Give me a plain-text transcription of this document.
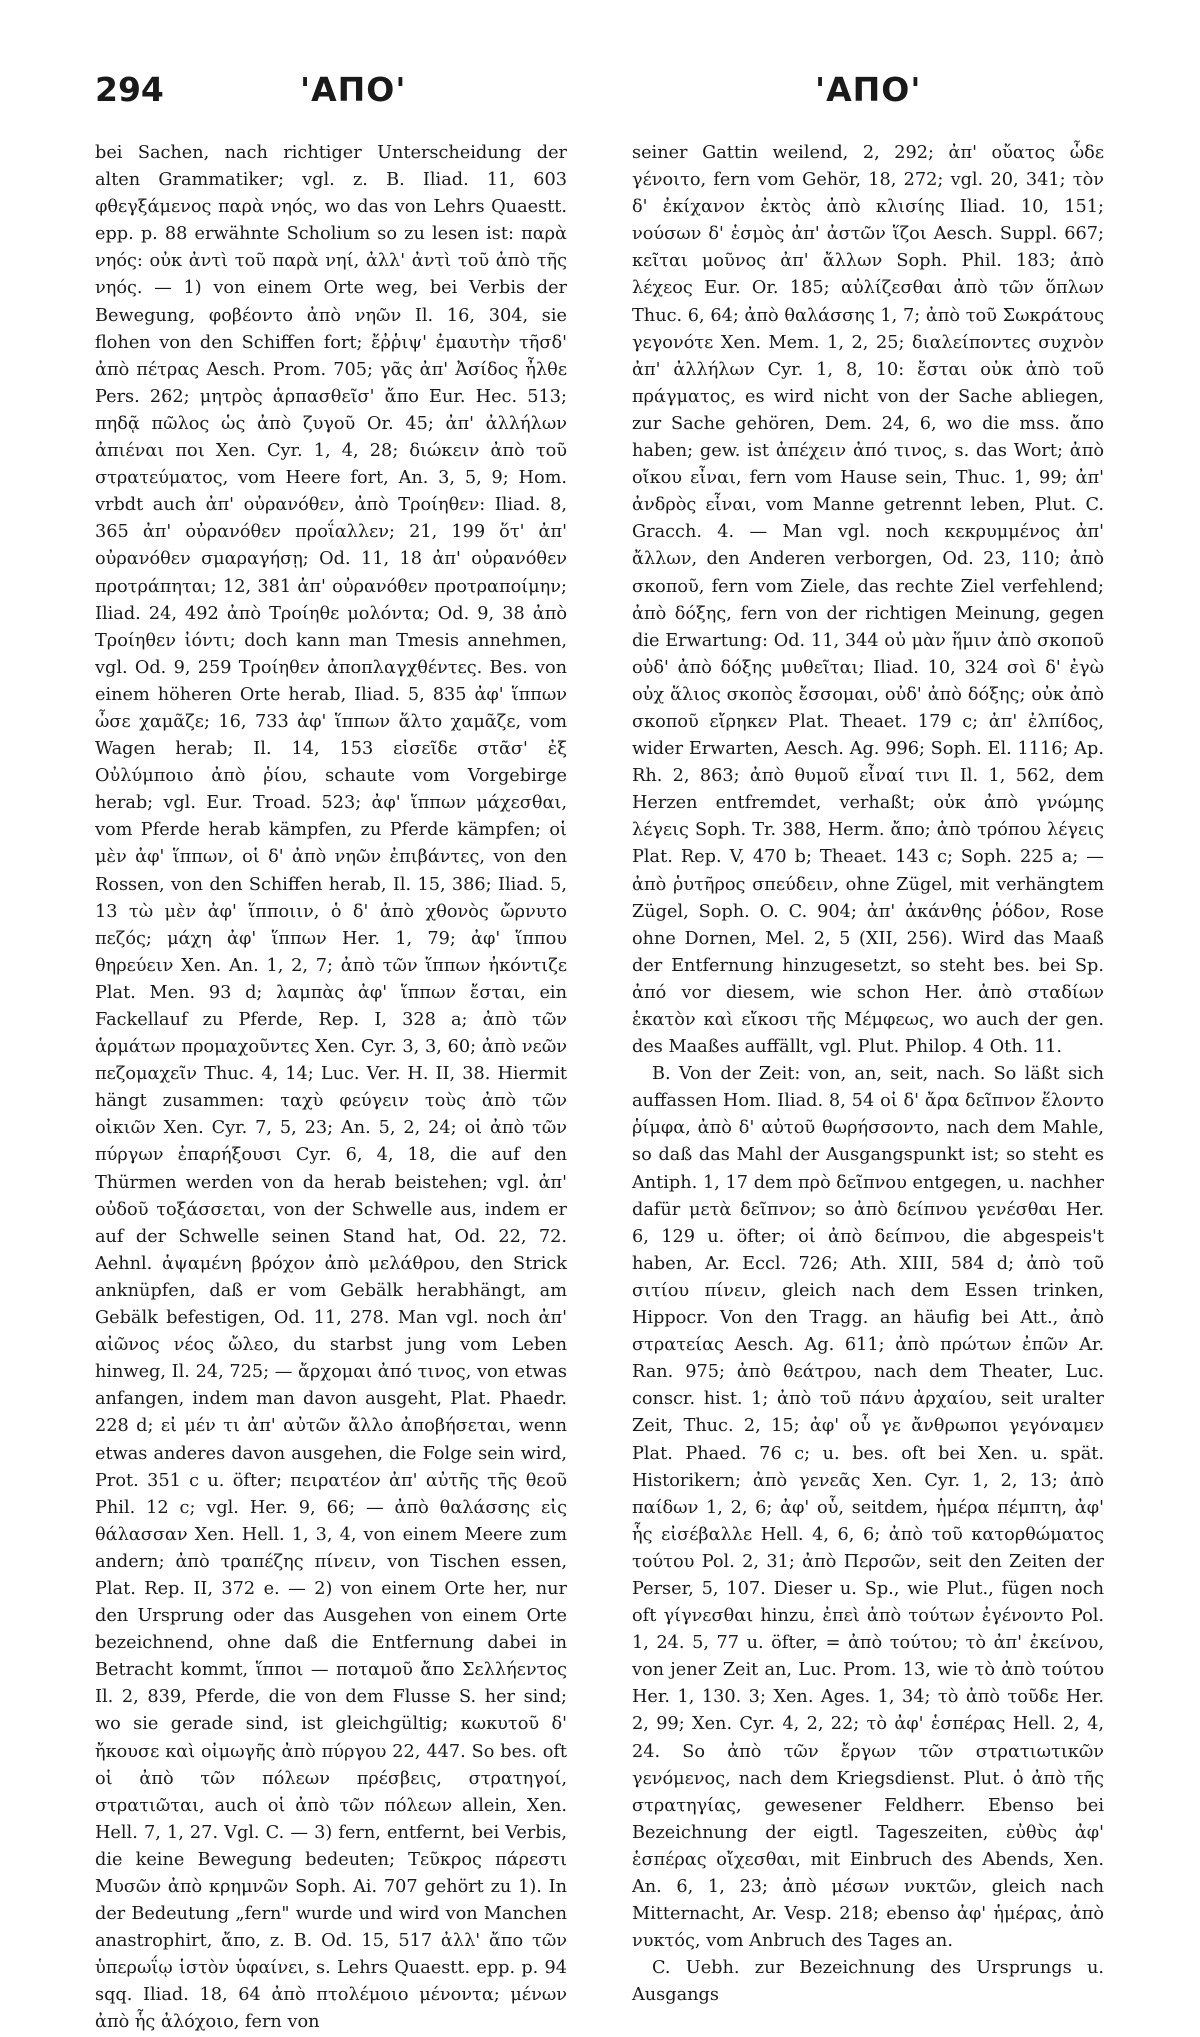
294	'ΑΠΟ'	'ΑΠΟ'

bei Sachen, nach richtiger Unterscheidung der alten Grammatiker; vgl. z. B. Iliad. 11, 603 φθεγξάμενος παρὰ νηός, wo das von Lehrs Quaestt. epp. p. 88 erwähnte Scholium so zu lesen ist: παρὰ νηός: οὐκ ἀντὶ τοῦ παρὰ νηί, ἀλλ' ἀντὶ τοῦ ἀπὸ τῆς νηός. — 1) von einem Orte weg, bei Verbis der Bewegung, φοβέοντο ἀπὸ νηῶν Il. 16, 304, sie flohen von den Schiffen fort; ἔῤῥιψ' ἐμαυτὴν τῆσδ' ἀπὸ πέτρας Aesch. Prom. 705; γᾶς ἀπ' Ἀσίδος ἦλθε Pers. 262; μητρὸς ἁρπασθεῖσ' ἄπο Eur. Hec. 513; πηδᾷ πῶλος ὡς ἀπὸ ζυγοῦ Or. 45; ἀπ' ἀλλήλων ἀπιέναι ποι Xen. Cyr. 1, 4, 28; διώκειν ἀπὸ τοῦ στρατεύματος, vom Heere fort, An. 3, 5, 9; Hom. vrbdt auch ἀπ' οὐρανόθεν, ἀπὸ Τροίηθεν: Iliad. 8, 365 ἀπ' οὐρανόθεν προΐαλλεν; 21, 199 ὅτ' ἀπ' οὐρανόθεν σμαραγήσῃ; Od. 11, 18 ἀπ' οὐρανόθεν προτράπηται; 12, 381 ἀπ' οὐρανόθεν προτραποίμην; Iliad. 24, 492 ἀπὸ Τροίηθε μολόντα; Od. 9, 38 ἀπὸ Τροίηθεν ἰόντι; doch kann man Tmesis annehmen, vgl. Od. 9, 259 Τροίηθεν ἀποπλαγχθέντες. Bes. von einem höheren Orte herab, Iliad. 5, 835 ἀφ' ἵππων ὦσε χαμᾶζε; 16, 733 ἀφ' ἵππων ἅλτο χαμᾶζε, vom Wagen herab; Il. 14, 153 εἰσεῖδε στᾶσ' ἐξ Οὐλύμποιο ἀπὸ ῥίου, schaute vom Vorgebirge herab; vgl. Eur. Troad. 523; ἀφ' ἵππων μάχεσθαι, vom Pferde herab kämpfen, zu Pferde kämpfen; οἱ μὲν ἀφ' ἵππων, οἱ δ' ἀπὸ νηῶν ἐπιβάντες, von den Rossen, von den Schiffen herab, Il. 15, 386; Iliad. 5, 13 τὼ μὲν ἀφ' ἵπποιιν, ὁ δ' ἀπὸ χθονὸς ὤρνυτο πεζός; μάχη ἀφ' ἵππων Her. 1, 79; ἀφ' ἵππου θηρεύειν Xen. An. 1, 2, 7; ἀπὸ τῶν ἵππων ἠκόντιζε Plat. Men. 93 d; λαμπὰς ἀφ' ἵππων ἔσται, ein Fackellauf zu Pferde, Rep. I, 328 a; ἀπὸ τῶν ἁρμάτων προμαχοῦντες Xen. Cyr. 3, 3, 60; ἀπὸ νεῶν πεζομαχεῖν Thuc. 4, 14; Luc. Ver. H. II, 38. Hiermit hängt zusammen: ταχὺ φεύγειν τοὺς ἀπὸ τῶν οἰκιῶν Xen. Cyr. 7, 5, 23; An. 5, 2, 24; οἱ ἀπὸ τῶν πύργων ἐπαρήξουσι Cyr. 6, 4, 18, die auf den Thürmen werden von da herab beistehen; vgl. ἀπ' οὐδοῦ τοξάσσεται, von der Schwelle aus, indem er auf der Schwelle seinen Stand hat, Od. 22, 72. Aehnl. ἁψαμένη βρόχον ἀπὸ μελάθρου, den Strick anknüpfen, daß er vom Gebälk herabhängt, am Gebälk befestigen, Od. 11, 278. Man vgl. noch ἀπ' αἰῶνος νέος ὤλεο, du starbst jung vom Leben hinweg, Il. 24, 725; — ἄρχομαι ἀπό τινος, von etwas anfangen, indem man davon ausgeht, Plat. Phaedr. 228 d; εἰ μέν τι ἀπ' αὐτῶν ἄλλο ἀποβήσεται, wenn etwas anderes davon ausgehen, die Folge sein wird, Prot. 351 c u. öfter; πειρατέον ἀπ' αὐτῆς τῆς θεοῦ Phil. 12 c; vgl. Her. 9, 66; — ἀπὸ θαλάσσης εἰς θάλασσαν Xen. Hell. 1, 3, 4, von einem Meere zum andern; ἀπὸ τραπέζης πίνειν, von Tischen essen, Plat. Rep. II, 372 e. — 2) von einem Orte her, nur den Ursprung oder das Ausgehen von einem Orte bezeichnend, ohne daß die Entfernung dabei in Betracht kommt, ἵπποι — ποταμοῦ ἄπο Σελλήεντος Il. 2, 839, Pferde, die von dem Flusse S. her sind; wo sie gerade sind, ist gleichgültig; κωκυτοῦ δ' ἤκουσε καὶ οἰμωγῆς ἀπὸ πύργου 22, 447. So bes. oft οἱ ἀπὸ τῶν πόλεων πρέσβεις, στρατηγοί, στρατιῶται, auch οἱ ἀπὸ τῶν πόλεων allein, Xen. Hell. 7, 1, 27. Vgl. C. — 3) fern, entfernt, bei Verbis, die keine Bewegung bedeuten; Τεῦκρος πάρεστι Μυσῶν ἀπὸ κρημνῶν Soph. Ai. 707 gehört zu 1). In der Bedeutung „fern" wurde und wird von Manchen anastrophirt, ἄπο, z. B. Od. 15, 517 ἀλλ' ἄπο τῶν ὑπερωΐῳ ἱστὸν ὑφαίνει, s. Lehrs Quaestt. epp. p. 94 sqq. Iliad. 18, 64 ἀπὸ πτολέμοιο μένοντα; μένων ἀπὸ ἧς ἀλόχοιο, fern von

seiner Gattin weilend, 2, 292; ἀπ' οὔατος ὧδε γένοιτο, fern vom Gehör, 18, 272; vgl. 20, 341; τὸν δ' ἐκίχανον ἐκτὸς ἀπὸ κλισίης Iliad. 10, 151; νούσων δ' ἑσμὸς ἀπ' ἀστῶν ἵζοι Aesch. Suppl. 667; κεῖται μοῦνος ἀπ' ἄλλων Soph. Phil. 183; ἀπὸ λέχεος Eur. Or. 185; αὐλίζεσθαι ἀπὸ τῶν ὅπλων Thuc. 6, 64; ἀπὸ θαλάσσης 1, 7; ἀπὸ τοῦ Σωκράτους γεγονότε Xen. Mem. 1, 2, 25; διαλείποντες συχνὸν ἀπ' ἀλλήλων Cyr. 1, 8, 10: ἔσται οὐκ ἀπὸ τοῦ πράγματος, es wird nicht von der Sache abliegen, zur Sache gehören, Dem. 24, 6, wo die mss. ἄπο haben; gew. ist ἀπέχειν ἀπό τινος, s. das Wort; ἀπὸ οἴκου εἶναι, fern vom Hause sein, Thuc. 1, 99; ἀπ' ἀνδρὸς εἶναι, vom Manne getrennt leben, Plut. C. Gracch. 4. — Man vgl. noch κεκρυμμένος ἀπ' ἄλλων, den Anderen verborgen, Od. 23, 110; ἀπὸ σκοποῦ, fern vom Ziele, das rechte Ziel verfehlend; ἀπὸ δόξης, fern von der richtigen Meinung, gegen die Erwartung: Od. 11, 344 οὐ μὰν ἥμιν ἀπὸ σκοποῦ οὐδ' ἀπὸ δόξης μυθεῖται; Iliad. 10, 324 σοὶ δ' ἐγὼ οὐχ ἅλιος σκοπὸς ἔσσομαι, οὐδ' ἀπὸ δόξης; οὐκ ἀπὸ σκοποῦ εἴρηκεν Plat. Theaet. 179 c; ἀπ' ἐλπίδος, wider Erwarten, Aesch. Ag. 996; Soph. El. 1116; Ap. Rh. 2, 863; ἀπὸ θυμοῦ εἶναί τινι Il. 1, 562, dem Herzen entfremdet, verhaßt; οὐκ ἀπὸ γνώμης λέγεις Soph. Tr. 388, Herm. ἄπο; ἀπὸ τρόπου λέγεις Plat. Rep. V, 470 b; Theaet. 143 c; Soph. 225 a; — ἀπὸ ῥυτῆρος σπεύδειν, ohne Zügel, mit verhängtem Zügel, Soph. O. C. 904; ἀπ' ἀκάνθης ῥόδον, Rose ohne Dornen, Mel. 2, 5 (XII, 256). Wird das Maaß der Entfernung hinzugesetzt, so steht bes. bei Sp. ἀπό vor diesem, wie schon Her. ἀπὸ σταδίων ἑκατὸν καὶ εἴκοσι τῆς Μέμφεως, wo auch der gen. des Maaßes auffällt, vgl. Plut. Philop. 4 Oth. 11.

B. Von der Zeit: von, an, seit, nach. So läßt sich auffassen Hom. Iliad. 8, 54 οἱ δ' ἄρα δεῖπνον ἕλοντο ῥίμφα, ἀπὸ δ' αὐτοῦ θωρήσσοντο, nach dem Mahle, so daß das Mahl der Ausgangspunkt ist; so steht es Antiph. 1, 17 dem πρὸ δεῖπνου entgegen, u. nachher dafür μετὰ δεῖπνον; so ἀπὸ δείπνου γενέσθαι Her. 6, 129 u. öfter; οἱ ἀπὸ δείπνου, die abgespeis't haben, Ar. Eccl. 726; Ath. XIII, 584 d; ἀπὸ τοῦ σιτίου πίνειν, gleich nach dem Essen trinken, Hippocr. Von den Tragg. an häufig bei Att., ἀπὸ στρατείας Aesch. Ag. 611; ἀπὸ πρώτων ἐπῶν Ar. Ran. 975; ἀπὸ θεάτρου, nach dem Theater, Luc. conscr. hist. 1; ἀπὸ τοῦ πάνυ ἀρχαίου, seit uralter Zeit, Thuc. 2, 15; ἀφ' οὗ γε ἄνθρωποι γεγόναμεν Plat. Phaed. 76 c; u. bes. oft bei Xen. u. spät. Historikern; ἀπὸ γενεᾶς Xen. Cyr. 1, 2, 13; ἀπὸ παίδων 1, 2, 6; ἀφ' οὗ, seitdem, ἡμέρα πέμπτη, ἀφ' ἧς εἰσέβαλλε Hell. 4, 6, 6; ἀπὸ τοῦ κατορθώματος τούτου Pol. 2, 31; ἀπὸ Περσῶν, seit den Zeiten der Perser, 5, 107. Dieser u. Sp., wie Plut., fügen noch oft γίγνεσθαι hinzu, ἐπεὶ ἀπὸ τούτων ἐγένοντο Pol. 1, 24. 5, 77 u. öfter, = ἀπὸ τούτου; τὸ ἀπ' ἐκείνου, von jener Zeit an, Luc. Prom. 13, wie τὸ ἀπὸ τούτου Her. 1, 130. 3; Xen. Ages. 1, 34; τὸ ἀπὸ τοῦδε Her. 2, 99; Xen. Cyr. 4, 2, 22; τὸ ἀφ' ἑσπέρας Hell. 2, 4, 24. So ἀπὸ τῶν ἔργων τῶν στρατιωτικῶν γενόμενος, nach dem Kriegsdienst. Plut. ὁ ἀπὸ τῆς στρατηγίας, gewesener Feldherr. Ebenso bei Bezeichnung der eigtl. Tageszeiten, εὐθὺς ἀφ' ἑσπέρας οἴχεσθαι, mit Einbruch des Abends, Xen. An. 6, 1, 23; ἀπὸ μέσων νυκτῶν, gleich nach Mitternacht, Ar. Vesp. 218; ebenso ἀφ' ἡμέρας, ἀπὸ νυκτός, vom Anbruch des Tages an.

C. Uebh. zur Bezeichnung des Ursprungs u. Ausgangs
